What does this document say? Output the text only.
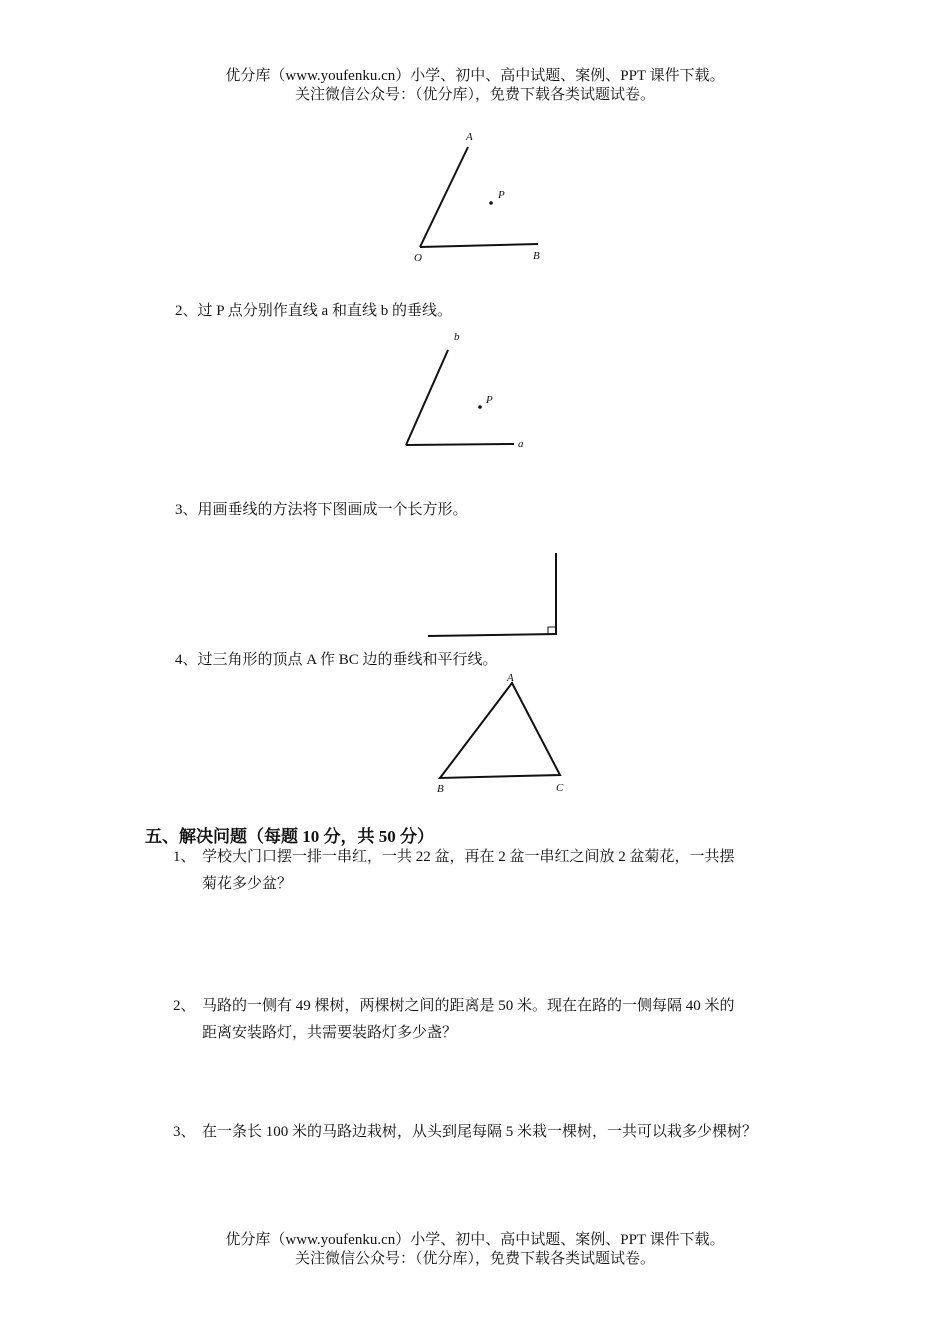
优分库（www.youfenku.cn）小学、初中、高中试题、案例、PPT 课件下载。
关注微信公众号：（优分库），免费下载各类试题试卷。
A
P
O	B
2、过 P 点分别作直线 a 和直线 b 的垂线。
b
P
a
3、用画垂线的方法将下图画成一个长方形。
4、过三角形的顶点 A 作 BC 边的垂线和平行线。
A
B	C
五、解决问题（每题 10 分，共 50 分）
1、 学校大门口摆一排一串红，一共 22 盆，再在 2 盆一串红之间放 2 盆菊花，一共摆
菊花多少盆？
2、 马路的一侧有 49 棵树，两棵树之间的距离是 50 米。现在在路的一侧每隔 40 米的
距离安装路灯，共需要装路灯多少盏？
3、 在一条长 100 米的马路边栽树，从头到尾每隔 5 米栽一棵树，一共可以栽多少棵树？
优分库（www.youfenku.cn）小学、初中、高中试题、案例、PPT 课件下载。
关注微信公众号：（优分库），免费下载各类试题试卷。
